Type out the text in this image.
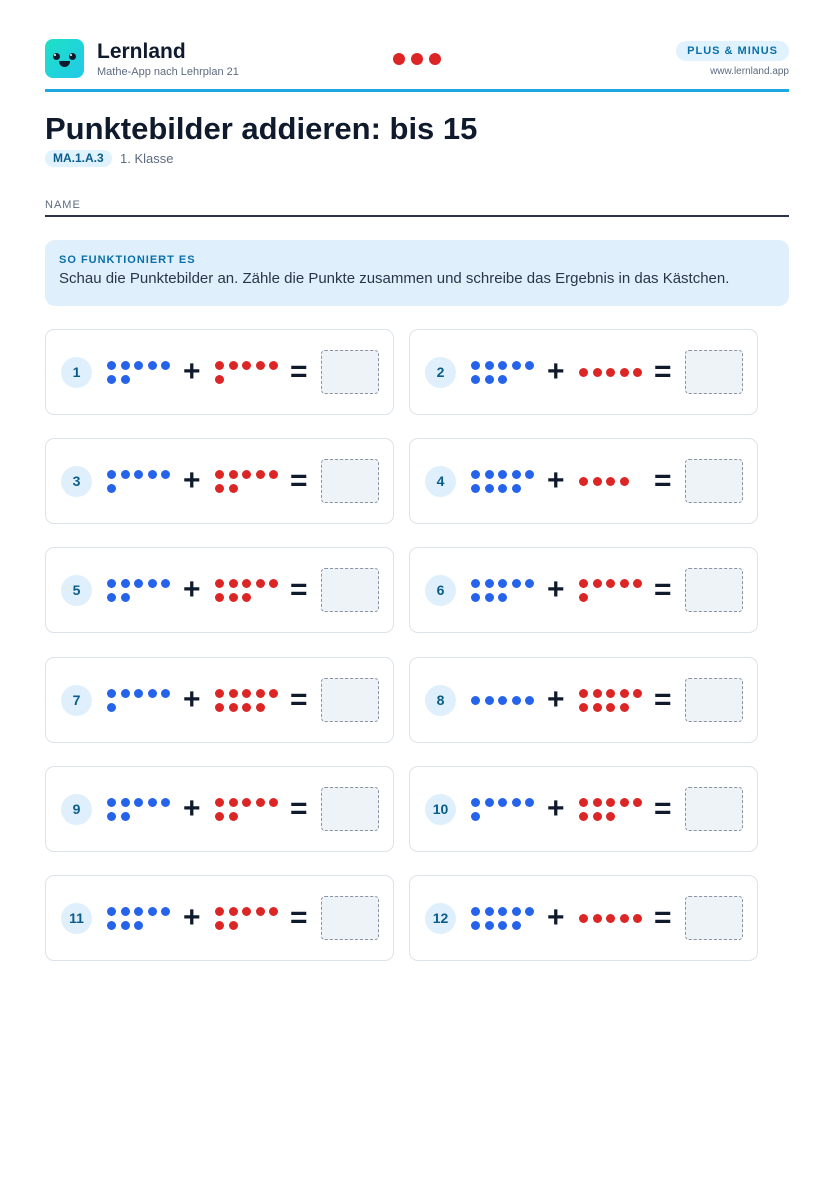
Lernland
Mathe-App nach Lehrplan 21
PLUS & MINUS
www.lernland.app
Punktebilder addieren: bis 15
MA.1.A.3	1. Klasse
NAME
SO FUNKTIONIERT ES
Schau die Punktebilder an. Zähle die Punkte zusammen und schreibe das Ergebnis in das Kästchen.
1	+	=	2	+	=
3	+	=	4	+	=
5	+	=	6	+	=
7	+	=	8	+	=
9	+	=	10	+	=
11	+	=	12	+	=
